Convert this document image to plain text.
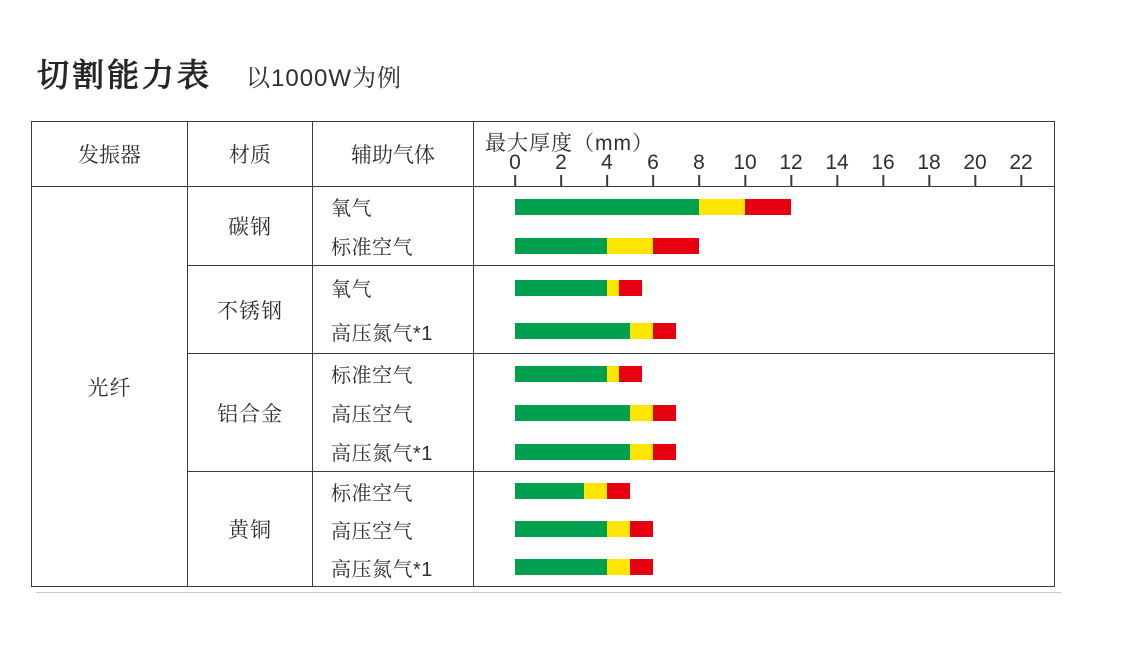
切割能力表 以1000W为例
发振器	材质	辅助气体
最大厚度（mm）
0 2 4 6 8 10 12 14 16 18 20 22
光纤
碳钢
氧气
标准空气
不锈钢
氧气
高压氮气*1
铝合金
标准空气
高压空气
高压氮气*1
黄铜
标准空气
高压空气
高压氮气*1
